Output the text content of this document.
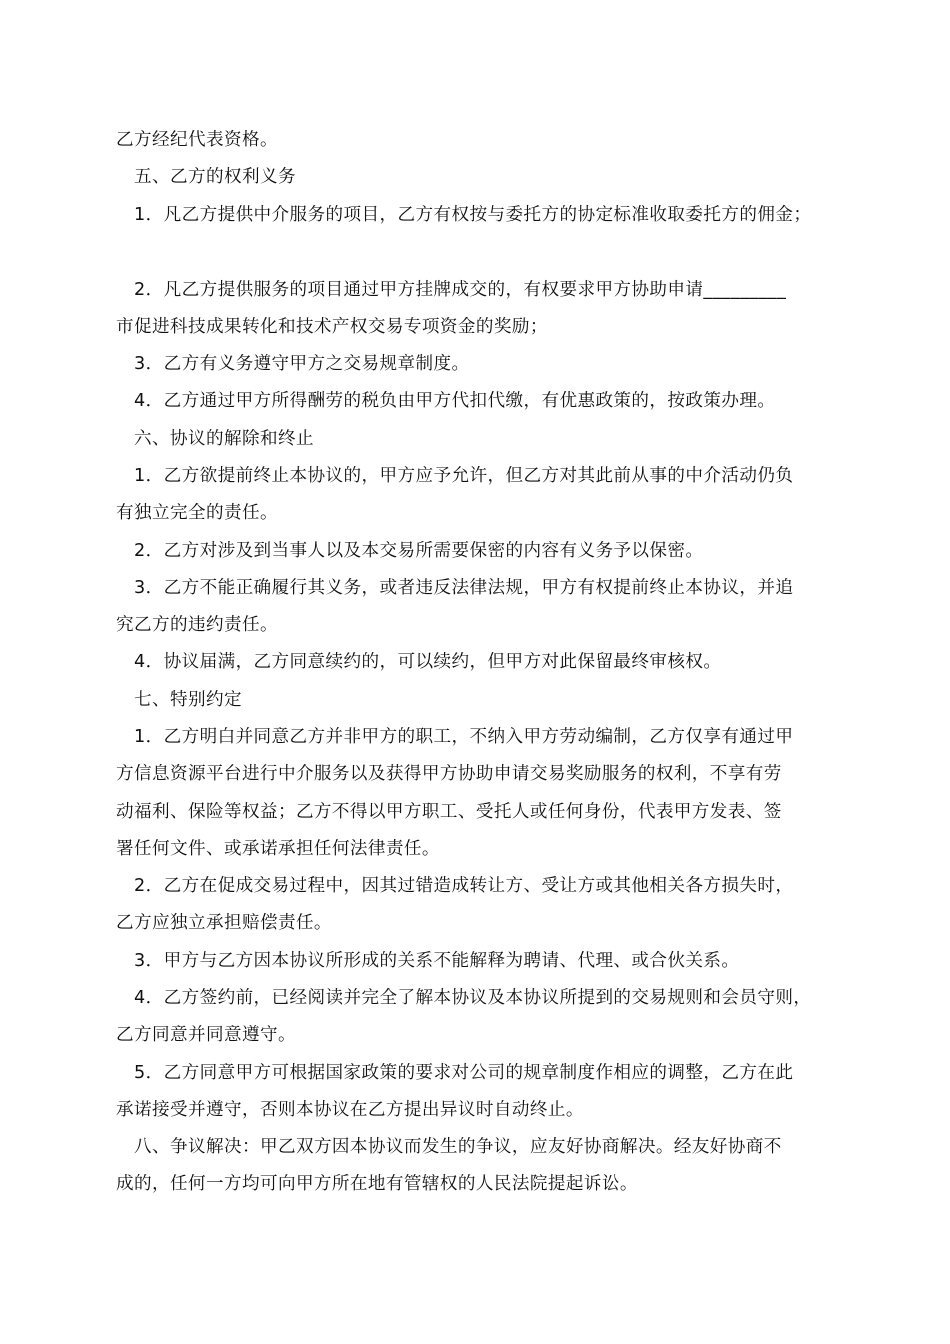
乙方经纪代表资格。
五、乙方的权利义务
1．凡乙方提供中介服务的项目，乙方有权按与委托方的协定标准收取委托方的佣金；
2．凡乙方提供服务的项目通过甲方挂牌成交的，有权要求甲方协助申请_________
市促进科技成果转化和技术产权交易专项资金的奖励；
3．乙方有义务遵守甲方之交易规章制度。
4．乙方通过甲方所得酬劳的税负由甲方代扣代缴，有优惠政策的，按政策办理。
六、协议的解除和终止
1．乙方欲提前终止本协议的，甲方应予允许，但乙方对其此前从事的中介活动仍负
有独立完全的责任。
2．乙方对涉及到当事人以及本交易所需要保密的内容有义务予以保密。
3．乙方不能正确履行其义务，或者违反法律法规，甲方有权提前终止本协议，并追
究乙方的违约责任。
4．协议届满，乙方同意续约的，可以续约，但甲方对此保留最终审核权。
七、特别约定
1．乙方明白并同意乙方并非甲方的职工，不纳入甲方劳动编制，乙方仅享有通过甲
方信息资源平台进行中介服务以及获得甲方协助申请交易奖励服务的权利，不享有劳
动福利、保险等权益；乙方不得以甲方职工、受托人或任何身份，代表甲方发表、签
署任何文件、或承诺承担任何法律责任。
2．乙方在促成交易过程中，因其过错造成转让方、受让方或其他相关各方损失时，
乙方应独立承担赔偿责任。
3．甲方与乙方因本协议所形成的关系不能解释为聘请、代理、或合伙关系。
4．乙方签约前，已经阅读并完全了解本协议及本协议所提到的交易规则和会员守则，
乙方同意并同意遵守。
5．乙方同意甲方可根据国家政策的要求对公司的规章制度作相应的调整，乙方在此
承诺接受并遵守，否则本协议在乙方提出异议时自动终止。
八、争议解决：甲乙双方因本协议而发生的争议，应友好协商解决。经友好协商不
成的，任何一方均可向甲方所在地有管辖权的人民法院提起诉讼。
